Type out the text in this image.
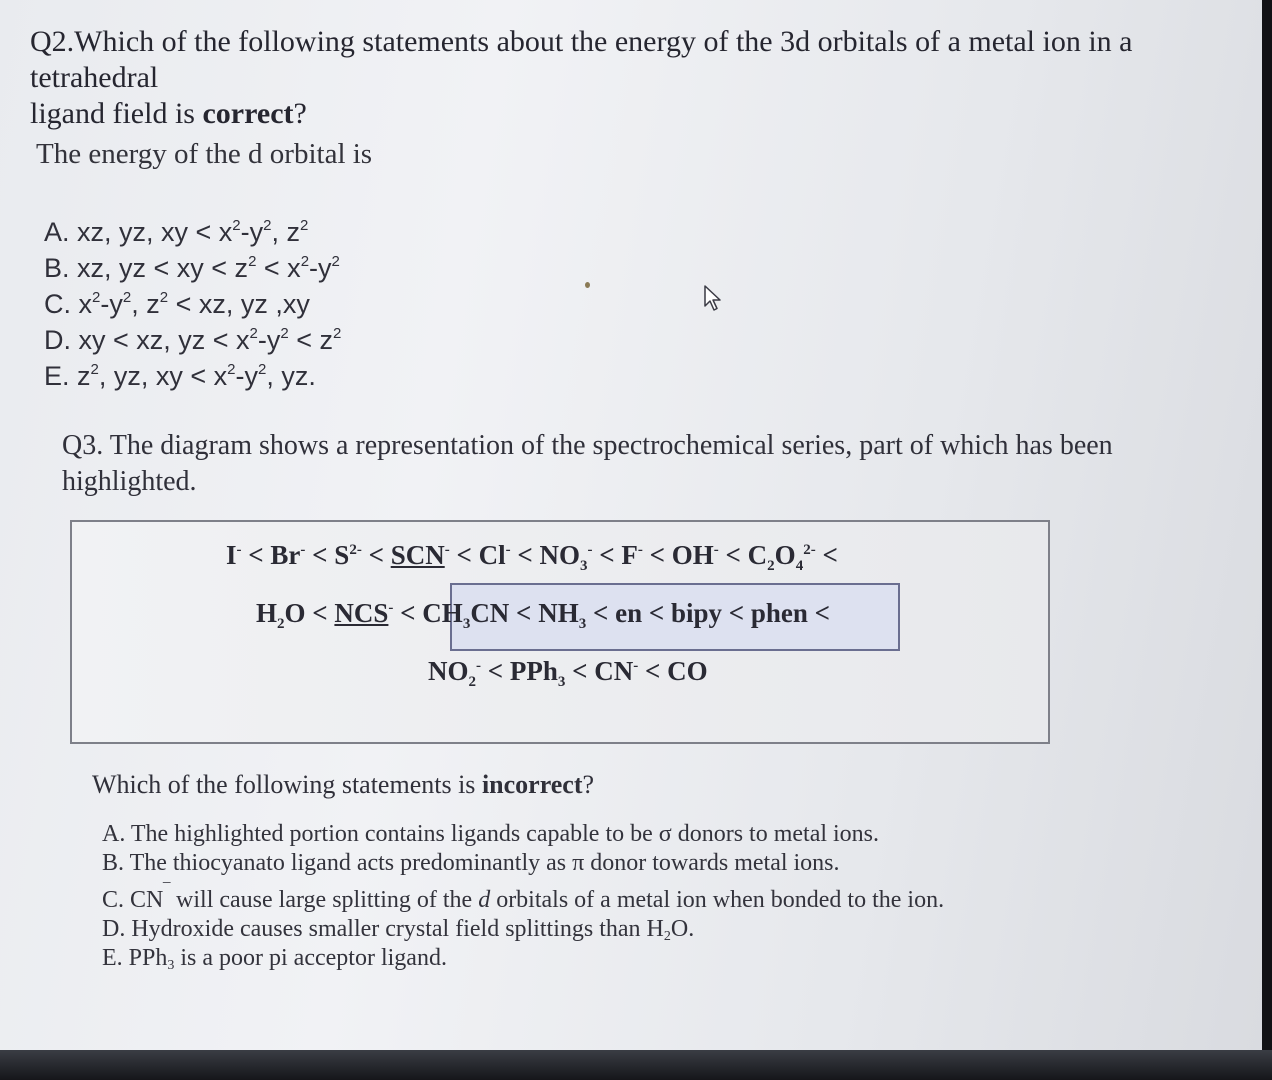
Q2.Which of the following statements about the energy of the 3d orbitals of a metal ion in a tetrahedral
ligand field is correct?
The energy of the d orbital is
A. xz, yz, xy < $x^2-y^2$, $z^2$
B. xz, yz < xy < $z^2 < x^2-y^2$
C. $x^2-y^2$, $z^2$ < xz, yz ,xy
D. xy < xz, yz < $x^2-y^2 < z^2$
E. $z^2$, yz, xy < $x^2-y^2$, yz.
Q3. The diagram shows a representation of the spectrochemical series, part of which has been highlighted.
$I^- < Br^- < S^{2-} < SCN^- < Cl^- < NO_3^- < F^- < OH^- < C_2O_4^{2-}$ <
$H_2O < NCS^- < CH_3CN < NH_3$ < en < bipy < phen <
$NO_2^- < PPh_3 < CN^-$ < CO
Which of the following statements is incorrect?
A. The highlighted portion contains ligands capable to be σ donors to metal ions.
B. The thiocyanato ligand acts predominantly as π donor towards metal ions.
C. CN‾ will cause large splitting of the d orbitals of a metal ion when bonded to the ion.
D. Hydroxide causes smaller crystal field splittings than $H_2O$.
E. PPh$_3$ is a poor pi acceptor ligand.
